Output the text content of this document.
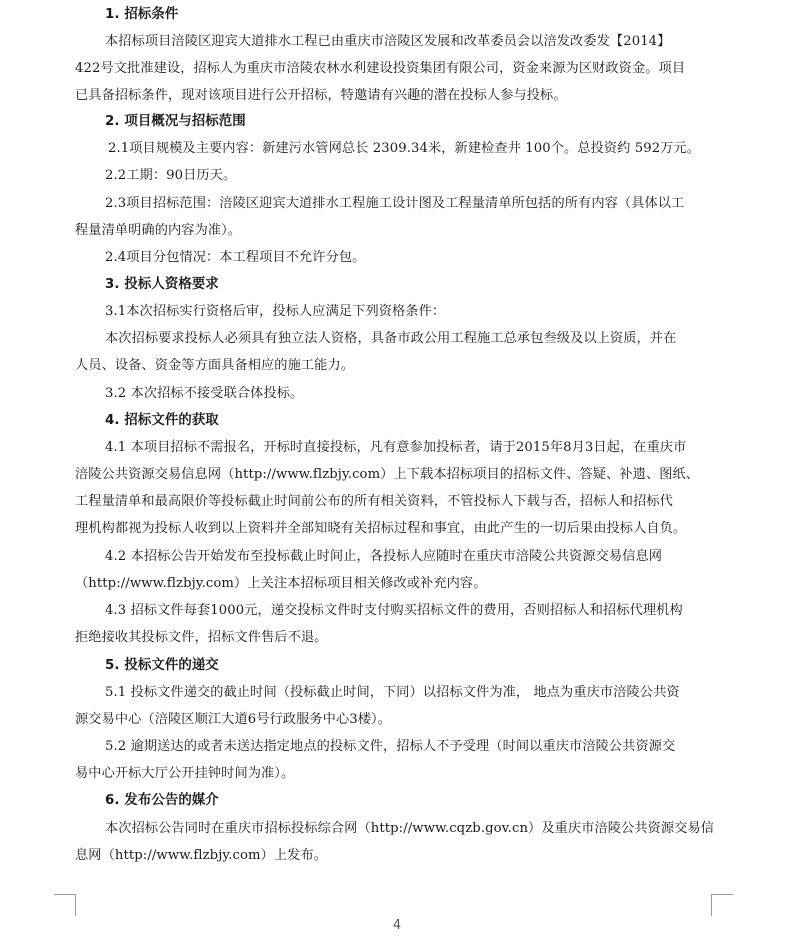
1. 招标条件
本招标项目涪陵区迎宾大道排水工程已由重庆市涪陵区发展和改革委员会以涪发改委发【2014】
422号文批准建设，招标人为重庆市涪陵农林水利建设投资集团有限公司，资金来源为区财政资金。项目
已具备招标条件，现对该项目进行公开招标，特邀请有兴趣的潜在投标人参与投标。
2. 项目概况与招标范围
2.1项目规模及主要内容：新建污水管网总长 2309.34米，新建检查井 100个。总投资约 592万元。
2.2工期：90日历天。
2.3项目招标范围：涪陵区迎宾大道排水工程施工设计图及工程量清单所包括的所有内容（具体以工
程量清单明确的内容为准）。
2.4项目分包情况：本工程项目不允许分包。
3. 投标人资格要求
3.1本次招标实行资格后审，投标人应满足下列资格条件：
本次招标要求投标人必须具有独立法人资格，具备市政公用工程施工总承包叁级及以上资质，并在
人员、设备、资金等方面具备相应的施工能力。
3.2 本次招标不接受联合体投标。
4. 招标文件的获取
4.1 本项目招标不需报名，开标时直接投标，凡有意参加投标者，请于2015年8月3日起，在重庆市
涪陵公共资源交易信息网（http://www.flzbjy.com）上下载本招标项目的招标文件、答疑、补遗、图纸、
工程量清单和最高限价等投标截止时间前公布的所有相关资料，不管投标人下载与否，招标人和招标代
理机构都视为投标人收到以上资料并全部知晓有关招标过程和事宜，由此产生的一切后果由投标人自负。
4.2 本招标公告开始发布至投标截止时间止，各投标人应随时在重庆市涪陵公共资源交易信息网
（http://www.flzbjy.com）上关注本招标项目相关修改或补充内容。
4.3 招标文件每套1000元，递交投标文件时支付购买招标文件的费用，否则招标人和招标代理机构
拒绝接收其投标文件，招标文件售后不退。
5. 投标文件的递交
5.1 投标文件递交的截止时间（投标截止时间，下同）以招标文件为准， 地点为重庆市涪陵公共资
源交易中心（涪陵区顺江大道6号行政服务中心3楼）。
5.2 逾期送达的或者未送达指定地点的投标文件，招标人不予受理（时间以重庆市涪陵公共资源交
易中心开标大厅公开挂钟时间为准）。
6. 发布公告的媒介
本次招标公告同时在重庆市招标投标综合网（http://www.cqzb.gov.cn）及重庆市涪陵公共资源交易信
息网（http://www.flzbjy.com）上发布。
4
